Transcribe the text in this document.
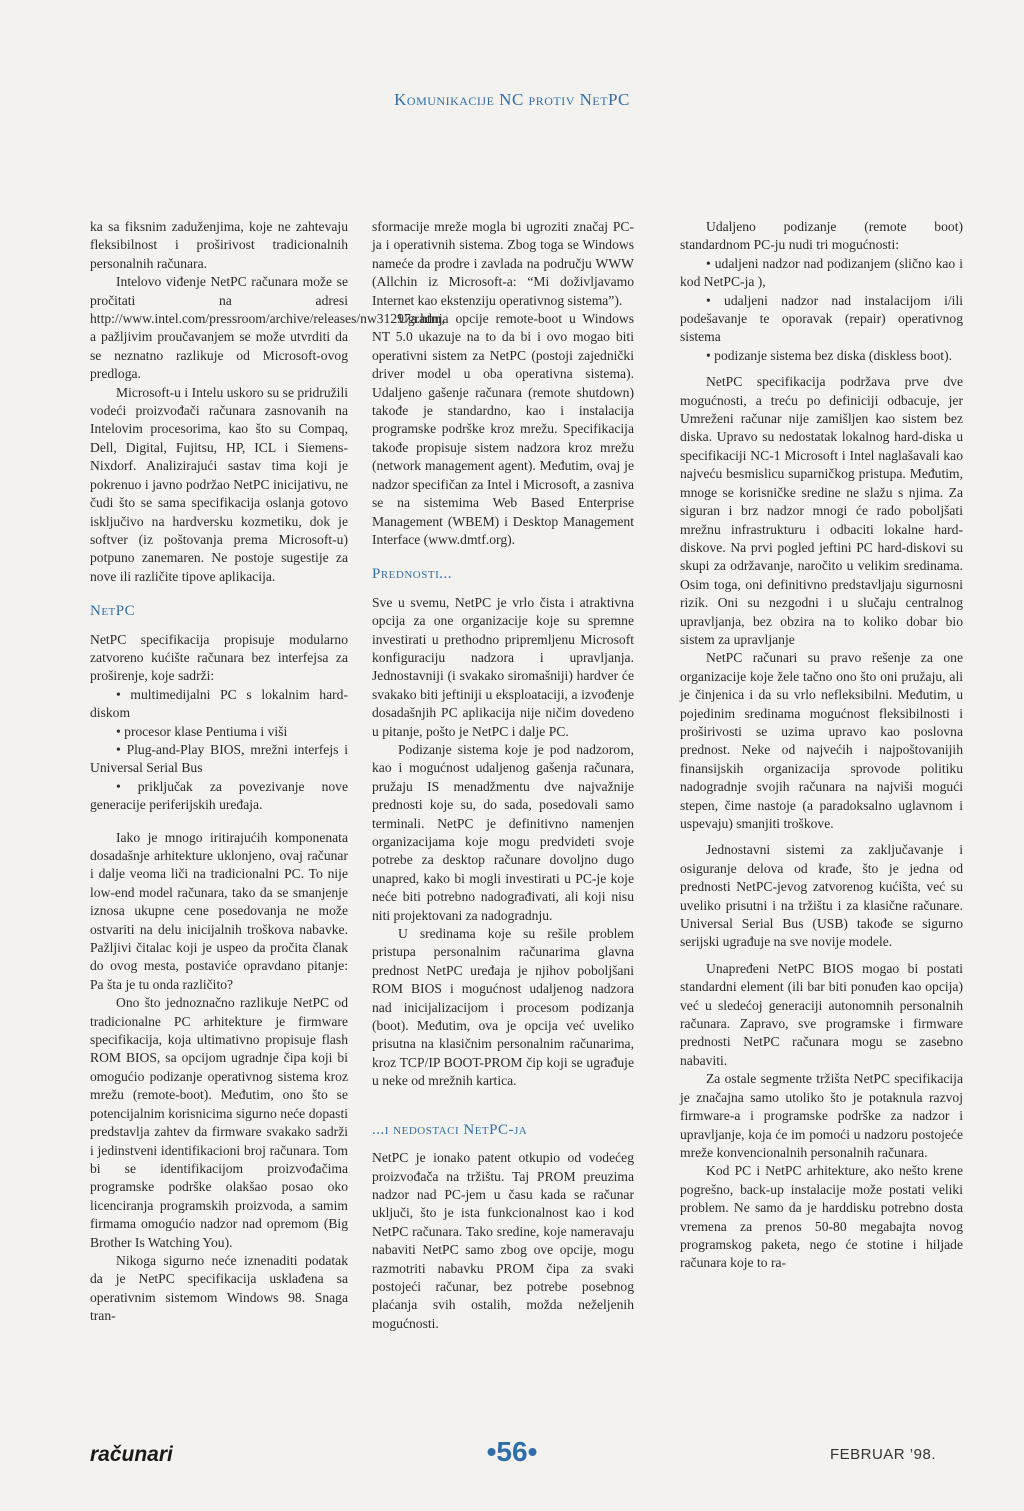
Komunikacije NC protiv NetPC

ka sa fiksnim zaduženjima, koje ne zahtevaju fleksibilnost i proširivost tradicionalnih personalnih računara.

Intelovo viđenje NetPC računara može se pročitati na adresi http://www.intel.com/pressroom/archive/releases/nw31297a.htm, a pažljivim proučavanjem se može utvrditi da se neznatno razlikuje od Microsoft-ovog predloga.

Microsoft-u i Intelu uskoro su se pridružili vodeći proizvođači računara zasnovanih na Intelovim procesorima, kao što su Compaq, Dell, Digital, Fujitsu, HP, ICL i Siemens-Nixdorf. Analizirajući sastav tima koji je pokrenuo i javno podržao NetPC inicijativu, ne čudi što se sama specifikacija oslanja gotovo isključivo na hardversku kozmetiku, dok je softver (iz poštovanja prema Microsoft-u) potpuno zanemaren. Ne postoje sugestije za nove ili različite tipove aplikacija.

NetPC

NetPC specifikacija propisuje modularno zatvoreno kućište računara bez interfejsa za proširenje, koje sadrži:

• multimedijalni PC s lokalnim hard-diskom

• procesor klase Pentiuma i viši

• Plug-and-Play BIOS, mrežni interfejs i Universal Serial Bus

• priključak za povezivanje nove generacije periferijskih uređaja.

Iako je mnogo iritirajućih komponenata dosadašnje arhitekture uklonjeno, ovaj računar i dalje veoma liči na tradicionalni PC. To nije low-end model računara, tako da se smanjenje iznosa ukupne cene posedovanja ne može ostvariti na delu inicijalnih troškova nabavke. Pažljivi čitalac koji je uspeo da pročita članak do ovog mesta, postaviće opravdano pitanje: Pa šta je tu onda različito?

Ono što jednoznačno razlikuje NetPC od tradicionalne PC arhitekture je firmware specifikacija, koja ultimativno propisuje flash ROM BIOS, sa opcijom ugradnje čipa koji bi omogućio podizanje operativnog sistema kroz mrežu (remote-boot). Međutim, ono što se potencijalnim korisnicima sigurno neće dopasti predstavlja zahtev da firmware svakako sadrži i jedinstveni identifikacioni broj računara. Tom bi se identifikacijom proizvođačima programske podrške olakšao posao oko licenciranja programskih proizvoda, a samim firmama omogućio nadzor nad opremom (Big Brother Is Watching You).

Nikoga sigurno neće iznenaditi podatak da je NetPC specifikacija usklađena sa operativnim sistemom Windows 98. Snaga tran-

sformacije mreže mogla bi ugroziti značaj PC-ja i operativnih sistema. Zbog toga se Windows nameće da prodre i zavlada na području WWW (Allchin iz Microsoft-a: “Mi doživljavamo Internet kao ekstenziju operativnog sistema”).

Ugradnja opcije remote-boot u Windows NT 5.0 ukazuje na to da bi i ovo mogao biti operativni sistem za NetPC (postoji zajednički driver model u oba operativna sistema). Udaljeno gašenje računara (remote shutdown) takođe je standardno, kao i instalacija programske podrške kroz mrežu. Specifikacija takođe propisuje sistem nadzora kroz mrežu (network management agent). Međutim, ovaj je nadzor specifičan za Intel i Microsoft, a zasniva se na sistemima Web Based Enterprise Management (WBEM) i Desktop Management Interface (www.dmtf.org).

Prednosti...

Sve u svemu, NetPC je vrlo čista i atraktivna opcija za one organizacije koje su spremne investirati u prethodno pripremljenu Microsoft konfiguraciju nadzora i upravljanja. Jednostavniji (i svakako siromašniji) hardver će svakako biti jeftiniji u eksploataciji, a izvođenje dosadašnjih PC aplikacija nije ničim dovedeno u pitanje, pošto je NetPC i dalje PC.

Podizanje sistema koje je pod nadzorom, kao i mogućnost udaljenog gašenja računara, pružaju IS menadžmentu dve najvažnije prednosti koje su, do sada, posedovali samo terminali. NetPC je definitivno namenjen organizacijama koje mogu predvideti svoje potrebe za desktop računare dovoljno dugo unapred, kako bi mogli investirati u PC-je koje neće biti potrebno nadograđivati, ali koji nisu niti projektovani za nadogradnju.

U sredinama koje su rešile problem pristupa personalnim računarima glavna prednost NetPC uređaja je njihov poboljšani ROM BIOS i mogućnost udaljenog nadzora nad inicijalizacijom i procesom podizanja (boot). Međutim, ova je opcija već uveliko prisutna na klasičnim personalnim računarima, kroz TCP/IP BOOT-PROM čip koji se ugrađuje u neke od mrežnih kartica.

...i nedostaci NetPC-ja

NetPC je ionako patent otkupio od vodećeg proizvođača na tržištu. Taj PROM preuzima nadzor nad PC-jem u času kada se računar uključi, što je ista funkcionalnost kao i kod NetPC računara. Tako sredine, koje nameravaju nabaviti NetPC samo zbog ove opcije, mogu razmotriti nabavku PROM čipa za svaki postojeći računar, bez potrebe posebnog plaćanja svih ostalih, možda neželjenih mogućnosti.

Udaljeno podizanje (remote boot) standardnom PC-ju nudi tri mogućnosti:

• udaljeni nadzor nad podizanjem (slično kao i kod NetPC-ja ),

• udaljeni nadzor nad instalacijom i/ili podešavanje te oporavak (repair) operativnog sistema

• podizanje sistema bez diska (diskless boot).

NetPC specifikacija podržava prve dve mogućnosti, a treću po definiciji odbacuje, jer Umreženi računar nije zamišljen kao sistem bez diska. Upravo su nedostatak lokalnog hard-diska u specifikaciji NC-1 Microsoft i Intel naglašavali kao najveću besmislicu suparničkog pristupa. Međutim, mnoge se korisničke sredine ne slažu s njima. Za siguran i brz nadzor mnogi će rado poboljšati mrežnu infrastrukturu i odbaciti lokalne hard-diskove. Na prvi pogled jeftini PC hard-diskovi su skupi za održavanje, naročito u velikim sredinama. Osim toga, oni definitivno predstavljaju sigurnosni rizik. Oni su nezgodni i u slučaju centralnog upravljanja, bez obzira na to koliko dobar bio sistem za upravljanje

NetPC računari su pravo rešenje za one organizacije koje žele tačno ono što oni pružaju, ali je činjenica i da su vrlo nefleksibilni. Međutim, u pojedinim sredinama mogućnost fleksibilnosti i proširivosti se uzima upravo kao poslovna prednost. Neke od najvećih i najpoštovanijih finansijskih organizacija sprovode politiku nadogradnje svojih računara na najviši mogući stepen, čime nastoje (a paradoksalno uglavnom i uspevaju) smanjiti troškove.

Jednostavni sistemi za zaključavanje i osiguranje delova od krađe, što je jedna od prednosti NetPC-jevog zatvorenog kućišta, već su uveliko prisutni i na tržištu i za klasične računare. Universal Serial Bus (USB) takođe se sigurno serijski ugrađuje na sve novije modele.

Unapređeni NetPC BIOS mogao bi postati standardni element (ili bar biti ponuđen kao opcija) već u sledećoj generaciji autonomnih personalnih računara. Zapravo, sve programske i firmware prednosti NetPC računara mogu se zasebno nabaviti.

Za ostale segmente tržišta NetPC specifikacija je značajna samo utoliko što je potaknula razvoj firmware-a i programske podrške za nadzor i upravljanje, koja će im pomoći u nadzoru postojeće mreže konvencionalnih personalnih računara.

Kod PC i NetPC arhitekture, ako nešto krene pogrešno, back-up instalacije može postati veliki problem. Ne samo da je harddisku potrebno dosta vremena za prenos 50-80 megabajta novog programskog paketa, nego će stotine i hiljade računara koje to ra-

računari	•56•	FEBRUAR ’98.
